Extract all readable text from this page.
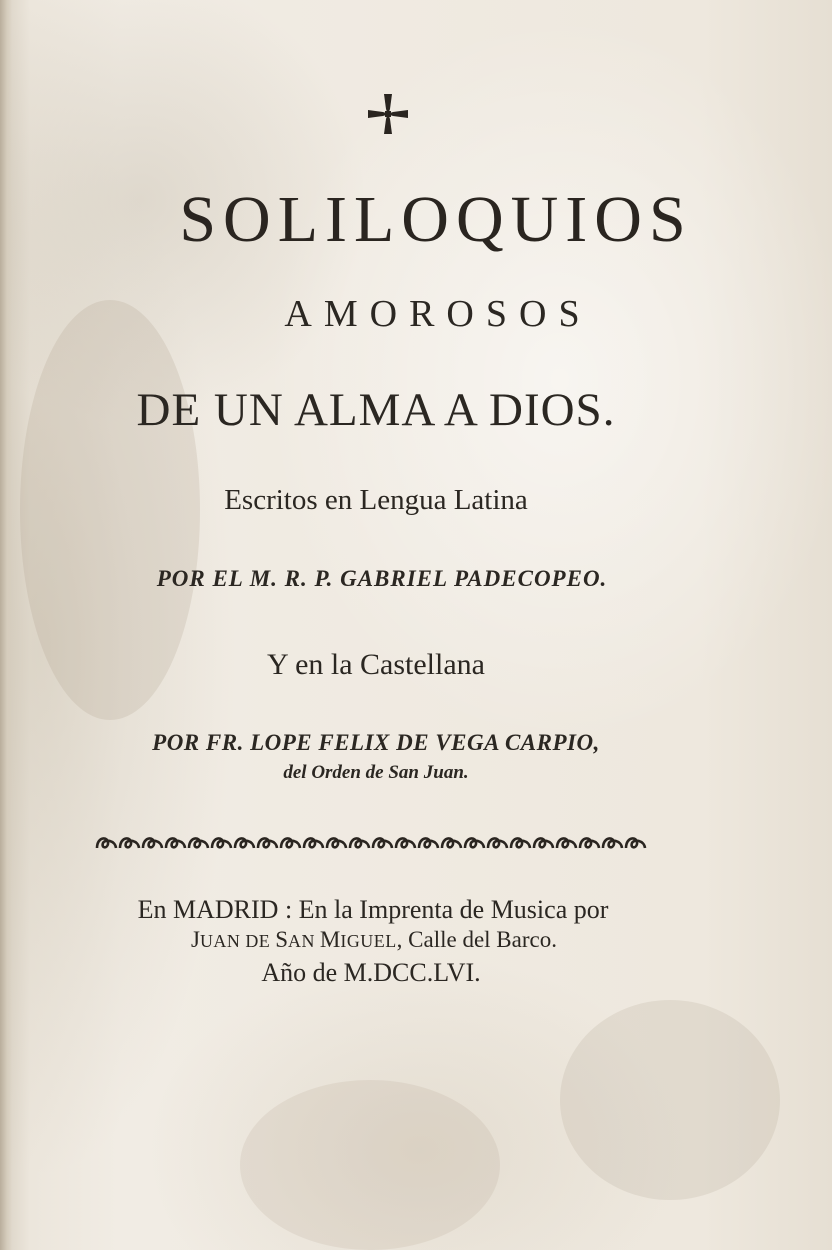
SOLILOQUIOS
AMOROSOS
DE UN ALMA A DIOS.
Escritos en Lengua Latina
POR EL M. R. P. GABRIEL PADECOPEO.
Y en la Castellana
POR FR. LOPE FELIX DE VEGA CARPIO,
del Orden de San Juan.
En MADRID : En la Imprenta de Musica por
JUAN DE SAN MIGUEL, Calle del Barco.
Año de M.DCC.LVI.
